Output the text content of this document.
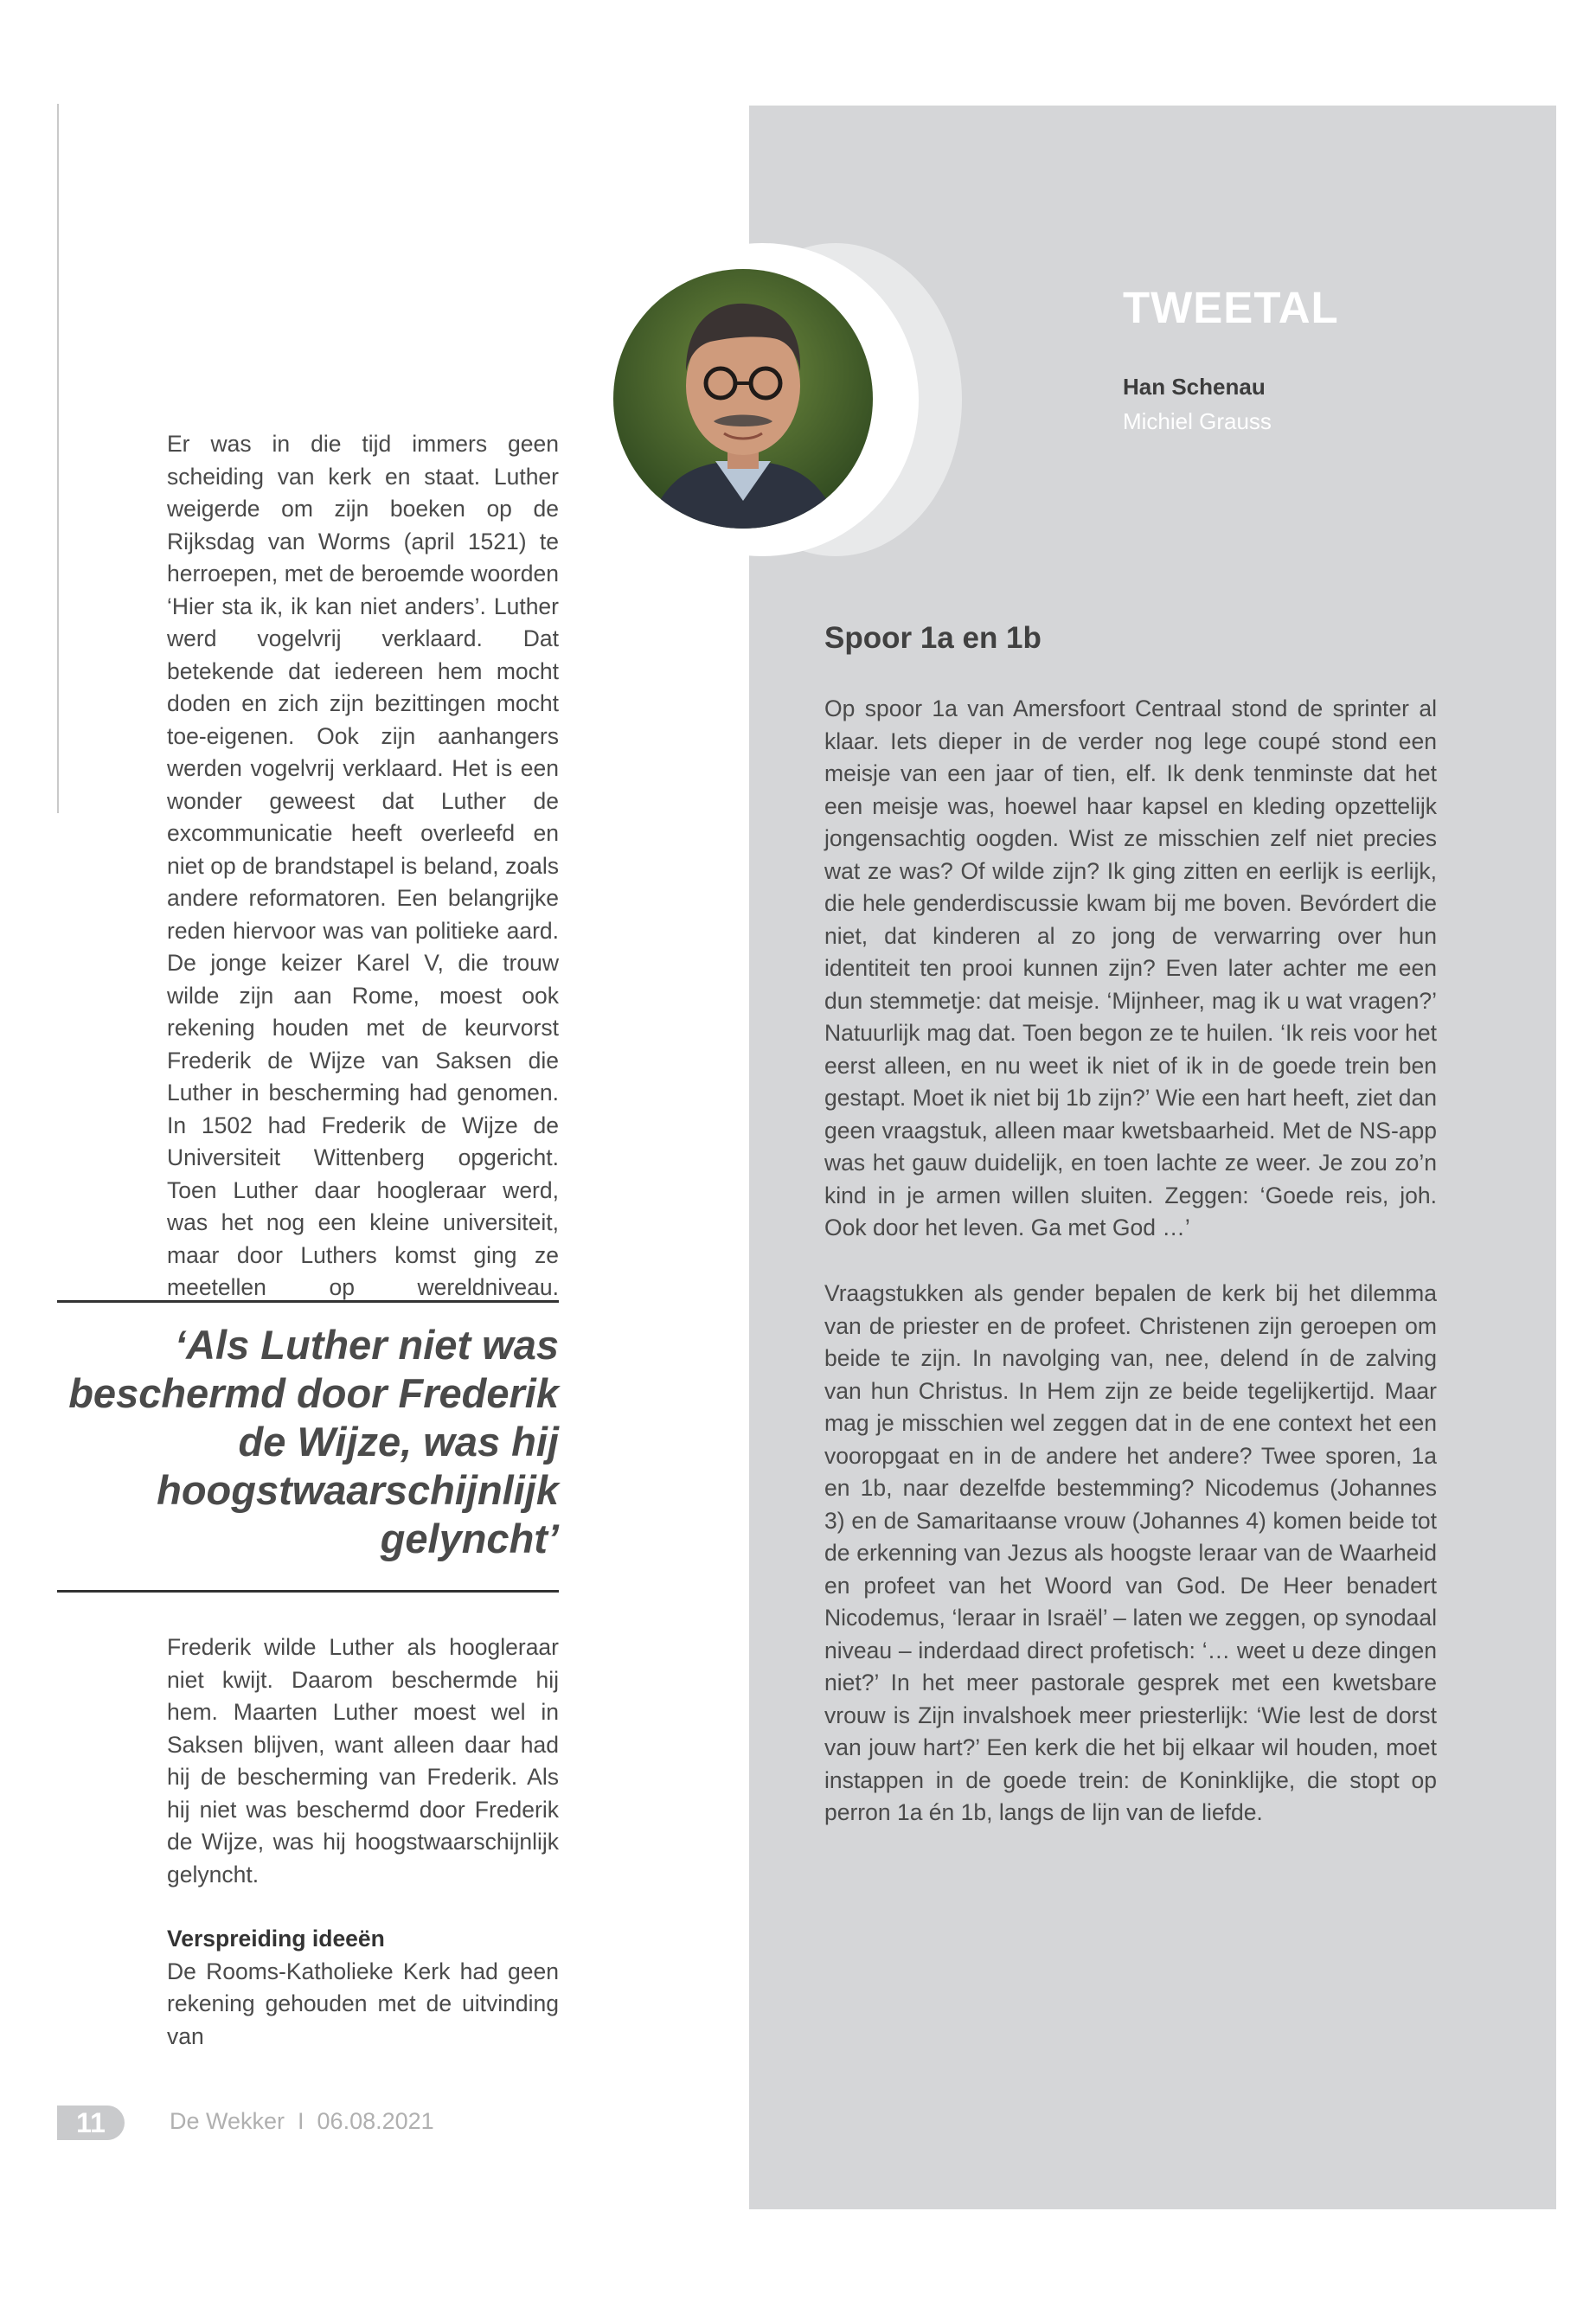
Er was in die tijd immers geen scheiding van kerk en staat. Luther weigerde om zijn boeken op de Rijksdag van Worms (april 1521) te herroepen, met de beroemde woorden ‘Hier sta ik, ik kan niet anders’. Luther werd vogelvrij verklaard. Dat betekende dat iedereen hem mocht doden en zich zijn bezittingen mocht toe-eigenen. Ook zijn aanhangers werden vogelvrij verklaard. Het is een wonder geweest dat Luther de excommunicatie heeft overleefd en niet op de brandstapel is beland, zoals andere reformatoren. Een belangrijke reden hiervoor was van politieke aard. De jonge keizer Karel V, die trouw wilde zijn aan Rome, moest ook rekening houden met de keurvorst Frederik de Wijze van Saksen die Luther in bescherming had genomen. In 1502 had Frederik de Wijze de Universiteit Wittenberg opgericht. Toen Luther daar hoogleraar werd, was het nog een kleine universiteit, maar door Luthers komst ging ze meetellen op wereldniveau.

‘Als Luther niet was beschermd door Frederik de Wijze, was hij hoogstwaarschijnlijk gelyncht’

Frederik wilde Luther als hoogleraar niet kwijt. Daarom beschermde hij hem. Maarten Luther moest wel in Saksen blijven, want alleen daar had hij de bescherming van Frederik. Als hij niet was beschermd door Frederik de Wijze, was hij hoogstwaarschijnlijk gelyncht.

Verspreiding ideeën

De Rooms-Katholieke Kerk had geen rekening gehouden met de uitvinding van

TWEETAL
Han Schenau
Michiel Grauss
Spoor 1a en 1b

Op spoor 1a van Amersfoort Centraal stond de sprinter al klaar. Iets dieper in de verder nog lege coupé stond een meisje van een jaar of tien, elf. Ik denk tenminste dat het een meisje was, hoewel haar kapsel en kleding opzettelijk jongensachtig oogden. Wist ze misschien zelf niet precies wat ze was? Of wilde zijn? Ik ging zitten en eerlijk is eerlijk, die hele genderdiscussie kwam bij me boven. Bevórdert die niet, dat kinderen al zo jong de verwarring over hun identiteit ten prooi kunnen zijn? Even later achter me een dun stemmetje: dat meisje. ‘Mijnheer, mag ik u wat vragen?’ Natuurlijk mag dat. Toen begon ze te huilen. ‘Ik reis voor het eerst alleen, en nu weet ik niet of ik in de goede trein ben gestapt. Moet ik niet bij 1b zijn?’ Wie een hart heeft, ziet dan geen vraagstuk, alleen maar kwetsbaarheid. Met de NS-app was het gauw duidelijk, en toen lachte ze weer. Je zou zo’n kind in je armen willen sluiten. Zeggen: ‘Goede reis, joh. Ook door het leven. Ga met God …’

Vraagstukken als gender bepalen de kerk bij het dilemma van de priester en de profeet. Christenen zijn geroepen om beide te zijn. In navolging van, nee, delend ín de zalving van hun Christus. In Hem zijn ze beide tegelijkertijd. Maar mag je misschien wel zeggen dat in de ene context het een vooropgaat en in de andere het andere? Twee sporen, 1a en 1b, naar dezelfde bestemming? Nicodemus (Johannes 3) en de Samaritaanse vrouw (Johannes 4) komen beide tot de erkenning van Jezus als hoogste leraar van de Waarheid en profeet van het Woord van God. De Heer benadert Nicodemus, ‘leraar in Israël’ – laten we zeggen, op synodaal niveau – inderdaad direct profetisch: ‘… weet u deze dingen niet?’ In het meer pastorale gesprek met een kwetsbare vrouw is Zijn invalshoek meer priesterlijk: ‘Wie lest de dorst van jouw hart?’ Een kerk die het bij elkaar wil houden, moet instappen in de goede trein: de Koninklijke, die stopt op perron 1a én 1b, langs de lijn van de liefde.

11	De Wekker  I  06.08.2021
